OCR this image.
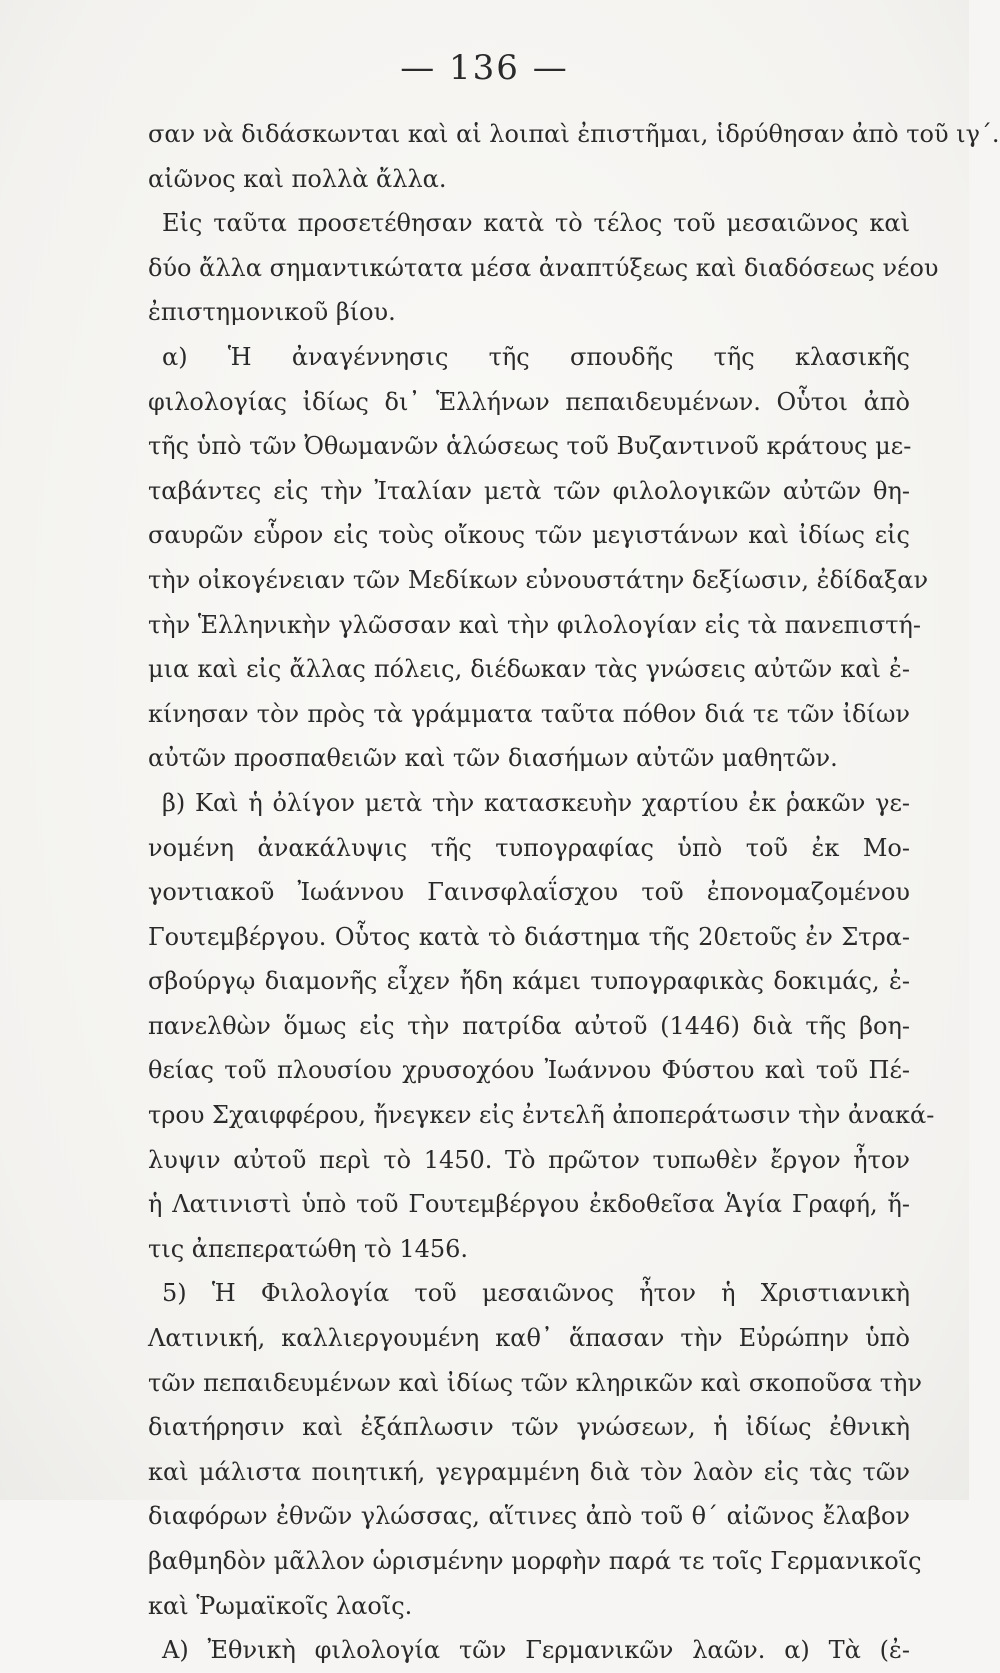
— 136 —
σαν νὰ διδάσκωνται καὶ αἱ λοιπαὶ ἐπιστῆμαι, ἱδρύθησαν ἀπὸ τοῦ ιγ΄.
αἰῶνος καὶ πολλὰ ἄλλα.
Εἰς ταῦτα προσετέθησαν κατὰ τὸ τέλος τοῦ μεσαιῶνος καὶ
δύο ἄλλα σημαντικώτατα μέσα ἀναπτύξεως καὶ διαδόσεως νέου
ἐπιστημονικοῦ βίου.
α) Ἡ ἀναγέννησις τῆς σπουδῆς τῆς κλασικῆς
φιλολογίας ἰδίως δι᾽ Ἑλλήνων πεπαιδευμένων. Οὗτοι ἀπὸ
τῆς ὑπὸ τῶν Ὀθωμανῶν ἁλώσεως τοῦ Βυζαντινοῦ κράτους με-
ταβάντες εἰς τὴν Ἰταλίαν μετὰ τῶν φιλολογικῶν αὐτῶν θη-
σαυρῶν εὗρον εἰς τοὺς οἴκους τῶν μεγιστάνων καὶ ἰδίως εἰς
τὴν οἰκογένειαν τῶν Μεδίκων εὐνουστάτην δεξίωσιν, ἐδίδαξαν
τὴν Ἑλληνικὴν γλῶσσαν καὶ τὴν φιλολογίαν εἰς τὰ πανεπιστή-
μια καὶ εἰς ἄλλας πόλεις, διέδωκαν τὰς γνώσεις αὐτῶν καὶ ἐ-
κίνησαν τὸν πρὸς τὰ γράμματα ταῦτα πόθον διά τε τῶν ἰδίων
αὐτῶν προσπαθειῶν καὶ τῶν διασήμων αὐτῶν μαθητῶν.
β) Καὶ ἡ ὀλίγον μετὰ τὴν κατασκευὴν χαρτίου ἐκ ῥακῶν γε-
νομένη ἀνακάλυψις τῆς τυπογραφίας ὑπὸ τοῦ ἐκ Μο-
γοντιακοῦ Ἰωάννου Γαινσφλαΐσχου τοῦ ἐπονομαζομένου
Γουτεμβέργου. Οὗτος κατὰ τὸ διάστημα τῆς 20ετοῦς ἐν Στρα-
σβούργῳ διαμονῆς εἶχεν ἤδη κάμει τυπογραφικὰς δοκιμάς, ἐ-
πανελθὼν ὅμως εἰς τὴν πατρίδα αὐτοῦ (1446) διὰ τῆς βοη-
θείας τοῦ πλουσίου χρυσοχόου Ἰωάννου Φύστου καὶ τοῦ Πέ-
τρου Σχαιφφέρου, ἤνεγκεν εἰς ἐντελῆ ἀποπεράτωσιν τὴν ἀνακά-
λυψιν αὐτοῦ περὶ τὸ 1450. Τὸ πρῶτον τυπωθὲν ἔργον ἦτον
ἡ Λατινιστὶ ὑπὸ τοῦ Γουτεμβέργου ἐκδοθεῖσα Ἁγία Γραφή, ἥ-
τις ἀπεπερατώθη τὸ 1456.
5) Ἡ Φιλολογία τοῦ μεσαιῶνος ἦτον ἡ Χριστιανικὴ
Λατινική, καλλιεργουμένη καθ᾽ ἅπασαν τὴν Εὐρώπην ὑπὸ
τῶν πεπαιδευμένων καὶ ἰδίως τῶν κληρικῶν καὶ σκοποῦσα τὴν
διατήρησιν καὶ ἐξάπλωσιν τῶν γνώσεων, ἡ ἰδίως ἐθνικὴ
καὶ μάλιστα ποιητική, γεγραμμένη διὰ τὸν λαὸν εἰς τὰς τῶν
διαφόρων ἐθνῶν γλώσσας, αἵτινες ἀπὸ τοῦ θ΄ αἰῶνος ἔλαβον
βαθμηδὸν μᾶλλον ὡρισμένην μορφὴν παρά τε τοῖς Γερμανικοῖς
καὶ Ῥωμαϊκοῖς λαοῖς.
Α) Ἐθνικὴ φιλολογία τῶν Γερμανικῶν λαῶν. α) Τὰ (ἐ-
